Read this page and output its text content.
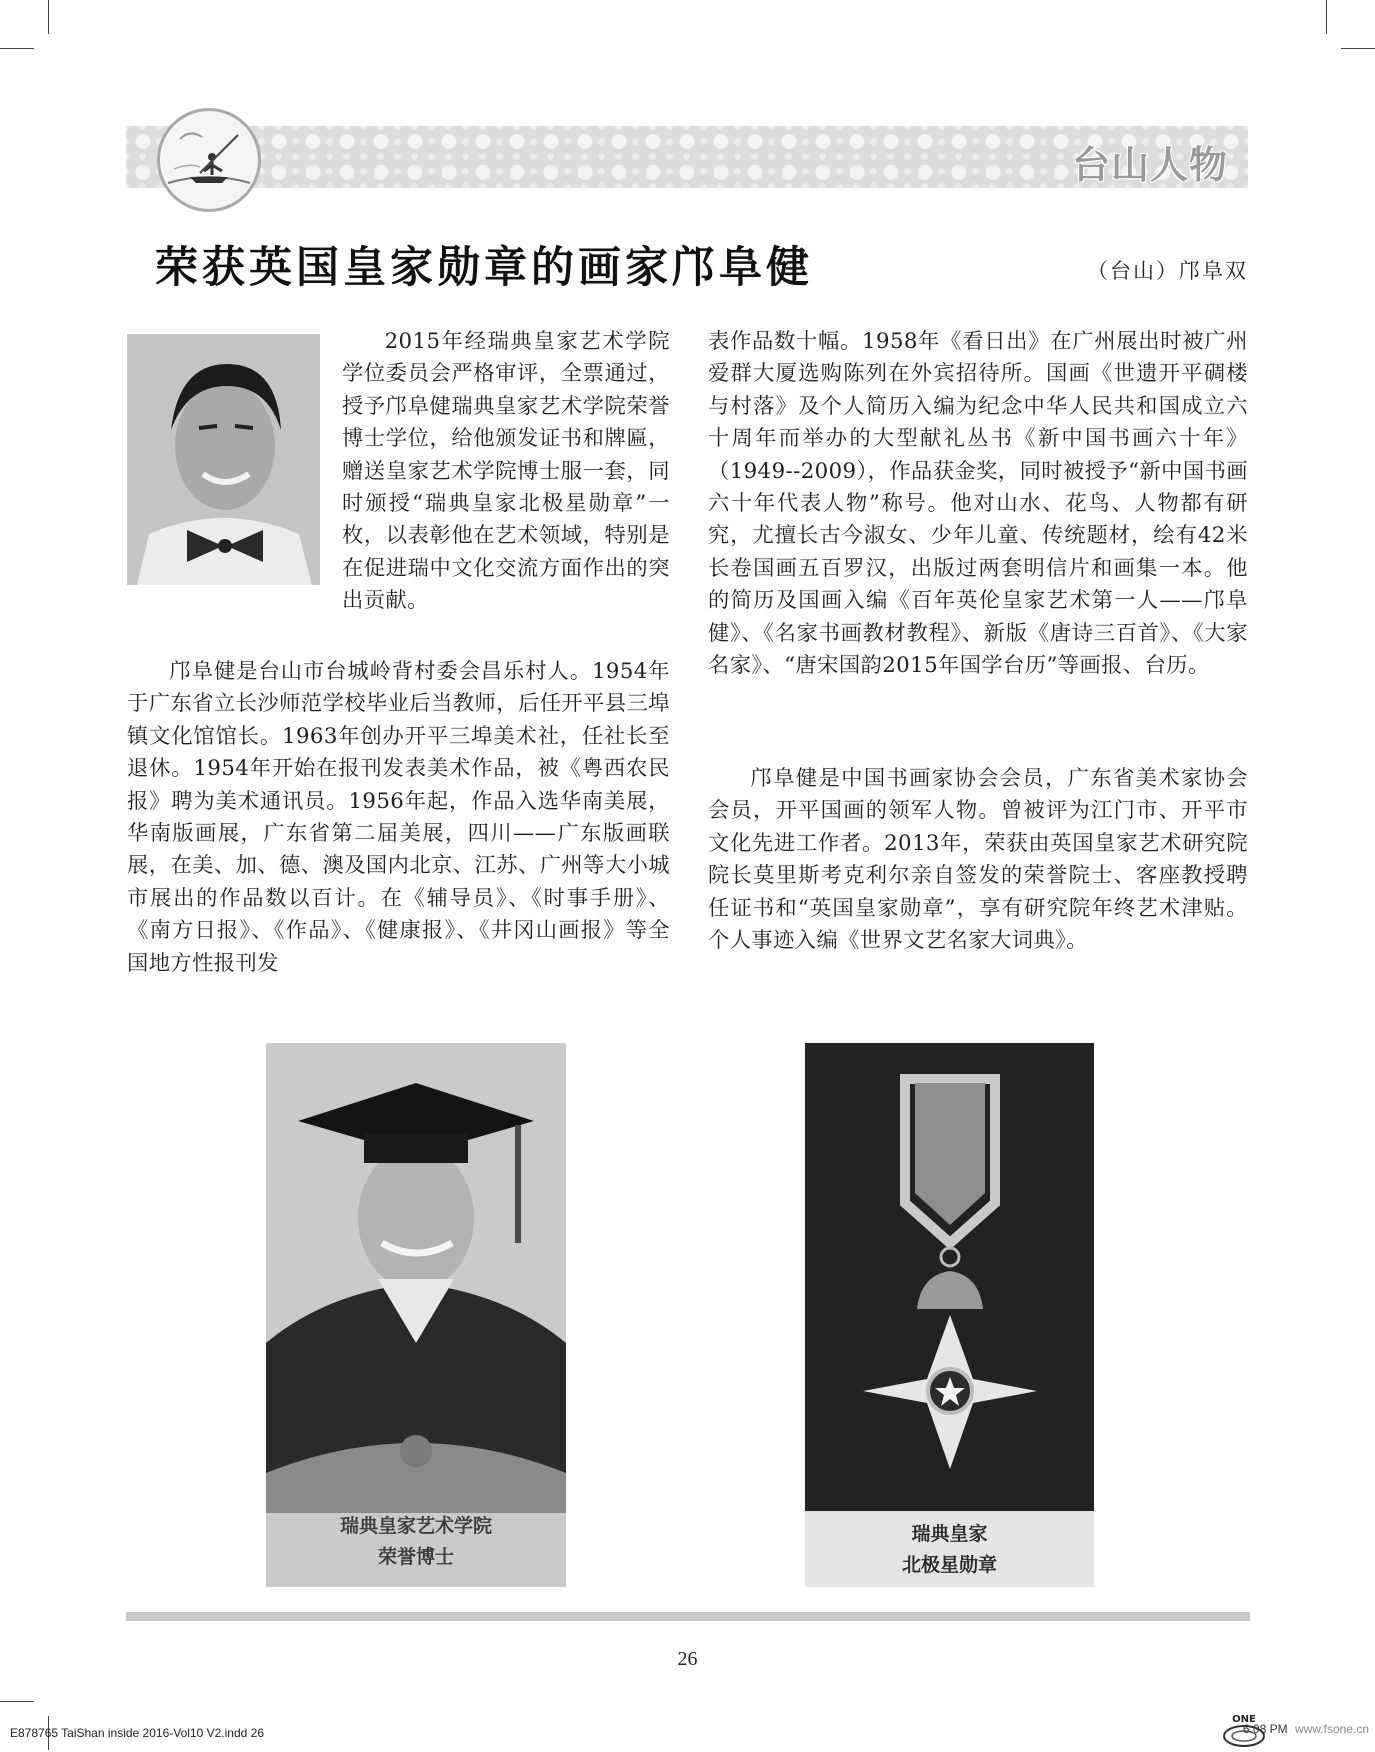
台山人物
荣获英国皇家勋章的画家邝阜健	（台山）邝阜双

2015年经瑞典皇家艺术学院学位委员会严格审评，全票通过，授予邝阜健瑞典皇家艺术学院荣誉博士学位，给他颁发证书和牌匾，赠送皇家艺术学院博士服一套，同时颁授“瑞典皇家北极星勋章”一枚，以表彰他在艺术领域，特别是在促进瑞中文化交流方面作出的突出贡献。

邝阜健是台山市台城岭背村委会昌乐村人。1954年于广东省立长沙师范学校毕业后当教师，后任开平县三埠镇文化馆馆长。1963年创办开平三埠美术社，任社长至退休。1954年开始在报刊发表美术作品，被《粤西农民报》聘为美术通讯员。1956年起，作品入选华南美展，华南版画展，广东省第二届美展，四川——广东版画联展，在美、加、德、澳及国内北京、江苏、广州等大小城市展出的作品数以百计。在《辅导员》、《时事手册》、《南方日报》、《作品》、《健康报》、《井冈山画报》等全国地方性报刊发

表作品数十幅。1958年《看日出》在广州展出时被广州爱群大厦选购陈列在外宾招待所。国画《世遗开平碉楼与村落》及个人简历入编为纪念中华人民共和国成立六十周年而举办的大型献礼丛书《新中国书画六十年》（1949--2009），作品获金奖，同时被授予“新中国书画六十年代表人物”称号。他对山水、花鸟、人物都有研究，尤擅长古今淑女、少年儿童、传统题材，绘有42米长卷国画五百罗汉，出版过两套明信片和画集一本。他的简历及国画入编《百年英伦皇家艺术第一人——邝阜健》、《名家书画教材教程》、新版《唐诗三百首》、《大家名家》、“唐宋国韵2015年国学台历”等画报、台历。

邝阜健是中国书画家协会会员，广东省美术家协会会员，开平国画的领军人物。曾被评为江门市、开平市文化先进工作者。2013年，荣获由英国皇家艺术研究院院长莫里斯考克利尔亲自签发的荣誉院士、客座教授聘任证书和“英国皇家勋章”，享有研究院年终艺术津贴。个人事迹入编《世界文艺名家大词典》。

瑞典皇家艺术学院
荣誉博士
瑞典皇家
北极星勋章
26
E878765 TaiShan inside 2016-Vol10 V2.indd 26
ONE
6:08 PM www.fsone.cn
